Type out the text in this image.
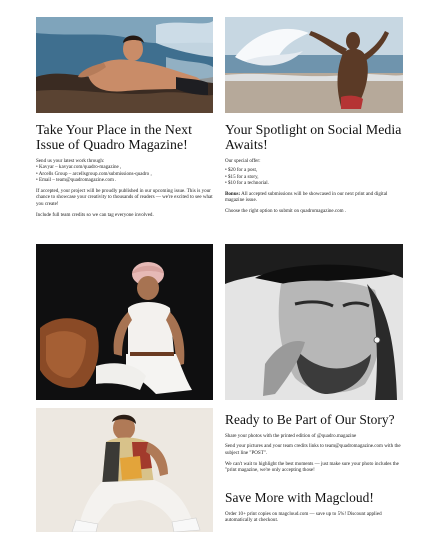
Take Your Place in the Next Issue of Quadro Magazine!
Send us your latest work through:
• Kavyar – kavyar.com/quadro-magazine ,
• Arcells Group – arcellsgroup.com/submissions-quadro ,
• Email – team@quadromagazine.com .
If accepted, your project will be proudly published in our upcoming issue. This is your chance to showcase your creativity to thousands of readers — we're excited to see what you create!
Include full team credits so we can tag everyone involved.
Your Spotlight on Social Media Awaits!
Our special offer:
• $20 for a post,
• $15 for a story,
• $10 for a technorial.
Bonus: All accepted submissions will be showcased in our next print and digital magazine issue.
Choose the right option to submit on quadromagazine.com .
Ready to Be Part of Our Story?
Share your photos with the printed edition of @quadro.magazine
Send your pictures and your team credits links to team@quadromagazine.com with the subject line "POST".
We can't wait to highlight the best moments — just make sure your photo includes the "print magazine, we're only accepting those!
Save More with Magcloud!
Order 10+ print copies on magcloud.com — save up to 5%! Discount applied automatically at checkout.
